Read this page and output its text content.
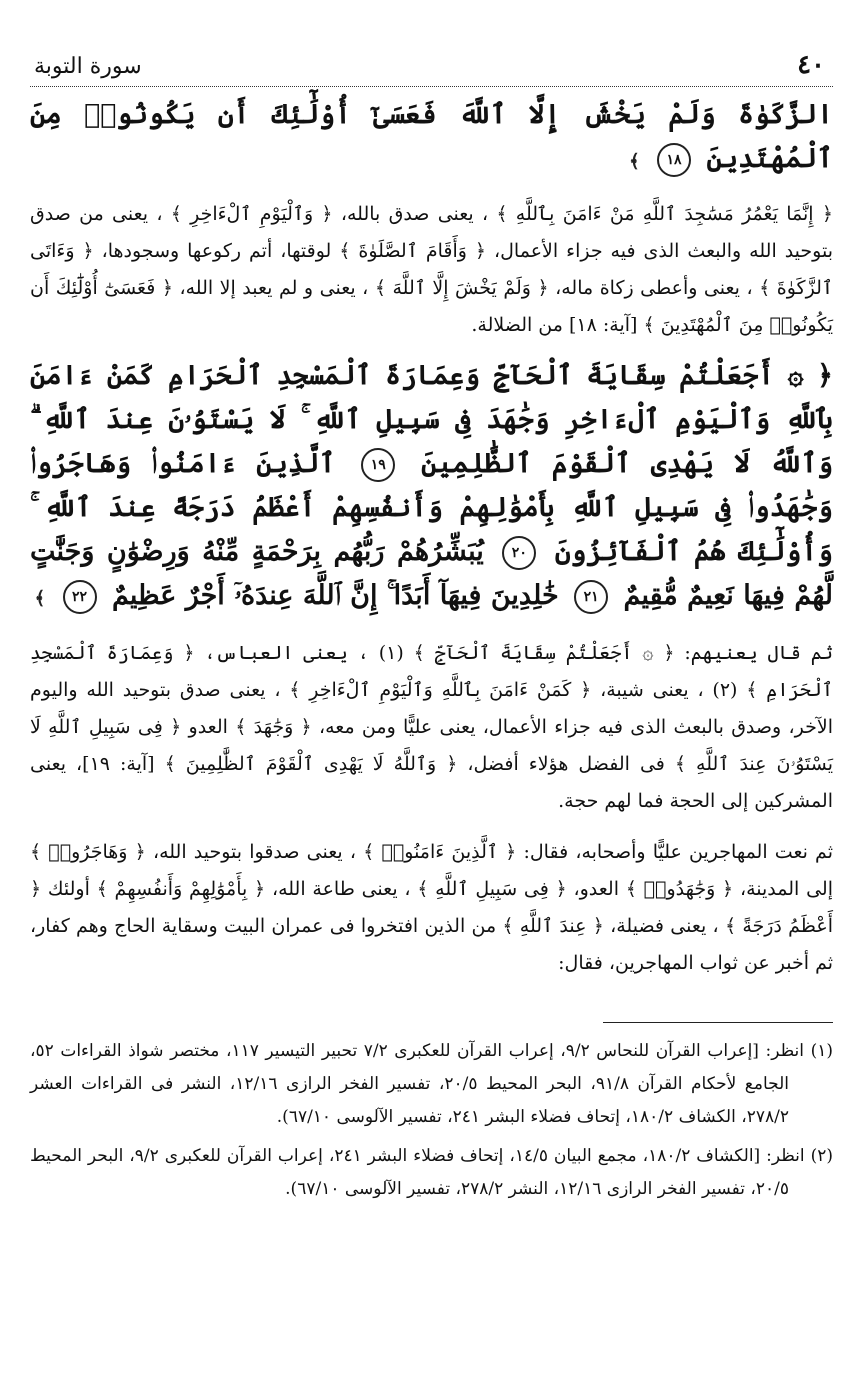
٤٠
سورة التوبة
الزَّكَوٰةَ وَلَمْ يَخْشَ إِلَّا ٱللَّهَ فَعَسَىٰٓ أُوْلَٰٓئِكَ أَن يَكُونُوا۟ مِنَ ٱلْمُهْتَدِينَ ١٨ ﴾

﴿ إِنَّمَا يَعْمُرُ مَسَٰجِدَ ٱللَّهِ مَنْ ءَامَنَ بِٱللَّهِ ﴾ ، يعنى صدق بالله، ﴿ وَٱلْيَوْمِ ٱلْءَاخِرِ ﴾ ، يعنى من صدق بتوحيد الله والبعث الذى فيه جزاء الأعمال، ﴿ وَأَقَامَ ٱلصَّلَوٰةَ ﴾ لوقتها، أتم ركوعها وسجودها، ﴿ وَءَاتَى ٱلزَّكَوٰةَ ﴾ ، يعنى وأعطى زكاة ماله، ﴿ وَلَمْ يَخْشَ إِلَّا ٱللَّهَ ﴾ ، يعنى و لم يعبد إلا الله، ﴿ فَعَسَىٰٓ أُوْلَٰٓئِكَ أَن يَكُونُوا۟ مِنَ ٱلْمُهْتَدِينَ ﴾ [آية: ١٨] من الضلالة.

﴿ ۞ أَجَعَلْتُمْ سِقَايَةَ ٱلْحَآجِّ وَعِمَارَةَ ٱلْمَسْجِدِ ٱلْحَرَامِ كَمَنْ ءَامَنَ بِٱللَّهِ وَٱلْيَوْمِ ٱلْءَاخِرِ وَجَٰهَدَ فِى سَبِيلِ ٱللَّهِ ۚ لَا يَسْتَوُۥنَ عِندَ ٱللَّهِ ۗ وَٱللَّهُ لَا يَهْدِى ٱلْقَوْمَ ٱلظَّٰلِمِينَ ١٩ ٱلَّذِينَ ءَامَنُوا۟ وَهَاجَرُوا۟ وَجَٰهَدُوا۟ فِى سَبِيلِ ٱللَّهِ بِأَمْوَٰلِهِمْ وَأَنفُسِهِمْ أَعْظَمُ دَرَجَةً عِندَ ٱللَّهِ ۚ وَأُوْلَٰٓئِكَ هُمُ ٱلْفَآئِزُونَ ٢٠ يُبَشِّرُهُمْ رَبُّهُم بِرَحْمَةٍ مِّنْهُ وَرِضْوَٰنٍ وَجَنَّٰتٍ لَّهُمْ فِيهَا نَعِيمٌ مُّقِيمٌ ٢١ خَٰلِدِينَ فِيهَآ أَبَدًا ۚ إِنَّ ٱللَّهَ عِندَهُۥٓ أَجْرٌ عَظِيمٌ ٢٢ ﴾

ثم قال يعنيهم: ﴿ ۞ أَجَعَلْتُمْ سِقَايَةَ ٱلْحَآجِّ ﴾ (١) ، يعنى العباس، ﴿ وَعِمَارَةَ ٱلْمَسْجِدِ ٱلْحَرَامِ ﴾ (٢) ، يعنى شيبة، ﴿ كَمَنْ ءَامَنَ بِٱللَّهِ وَٱلْيَوْمِ ٱلْءَاخِرِ ﴾ ، يعنى صدق بتوحيد الله واليوم الآخر، وصدق بالبعث الذى فيه جزاء الأعمال، يعنى عليًّا ومن معه، ﴿ وَجَٰهَدَ ﴾ العدو ﴿ فِى سَبِيلِ ٱللَّهِ لَا يَسْتَوُۥنَ عِندَ ٱللَّهِ ﴾ فى الفضل هؤلاء أفضل، ﴿ وَٱللَّهُ لَا يَهْدِى ٱلْقَوْمَ ٱلظَّٰلِمِينَ ﴾ [آية: ١٩]، يعنى المشركين إلى الحجة فما لهم حجة.

ثم نعت المهاجرين عليًّا وأصحابه، فقال: ﴿ ٱلَّذِينَ ءَامَنُوا۟ ﴾ ، يعنى صدقوا بتوحيد الله، ﴿ وَهَاجَرُوا۟ ﴾ إلى المدينة، ﴿ وَجَٰهَدُوا۟ ﴾ العدو، ﴿ فِى سَبِيلِ ٱللَّهِ ﴾ ، يعنى طاعة الله، ﴿ بِأَمْوَٰلِهِمْ وَأَنفُسِهِمْ ﴾ أولئك ﴿ أَعْظَمُ دَرَجَةً ﴾ ، يعنى فضيلة، ﴿ عِندَ ٱللَّهِ ﴾ من الذين افتخروا فى عمران البيت وسقاية الحاج وهم كفار، ثم أخبر عن ثواب المهاجرين، فقال:

(١) انظر: [إعراب القرآن للنحاس ٩/٢، إعراب القرآن للعكبرى ٧/٢ تحبير التيسير ١١٧، مختصر شواذ القراءات ٥٢، الجامع لأحكام القرآن ٩١/٨، البحر المحيط ٢٠/٥، تفسير الفخر الرازى ١٢/١٦، النشر فى القراءات العشر ٢٧٨/٢، الكشاف ١٨٠/٢، إتحاف فضلاء البشر ٢٤١، تفسير الآلوسى ٦٧/١٠).

(٢) انظر: [الكشاف ١٨٠/٢، مجمع البيان ١٤/٥، إتحاف فضلاء البشر ٢٤١، إعراب القرآن للعكبرى ٩/٢، البحر المحيط ٢٠/٥، تفسير الفخر الرازى ١٢/١٦، النشر ٢٧٨/٢، تفسير الآلوسى ٦٧/١٠).
